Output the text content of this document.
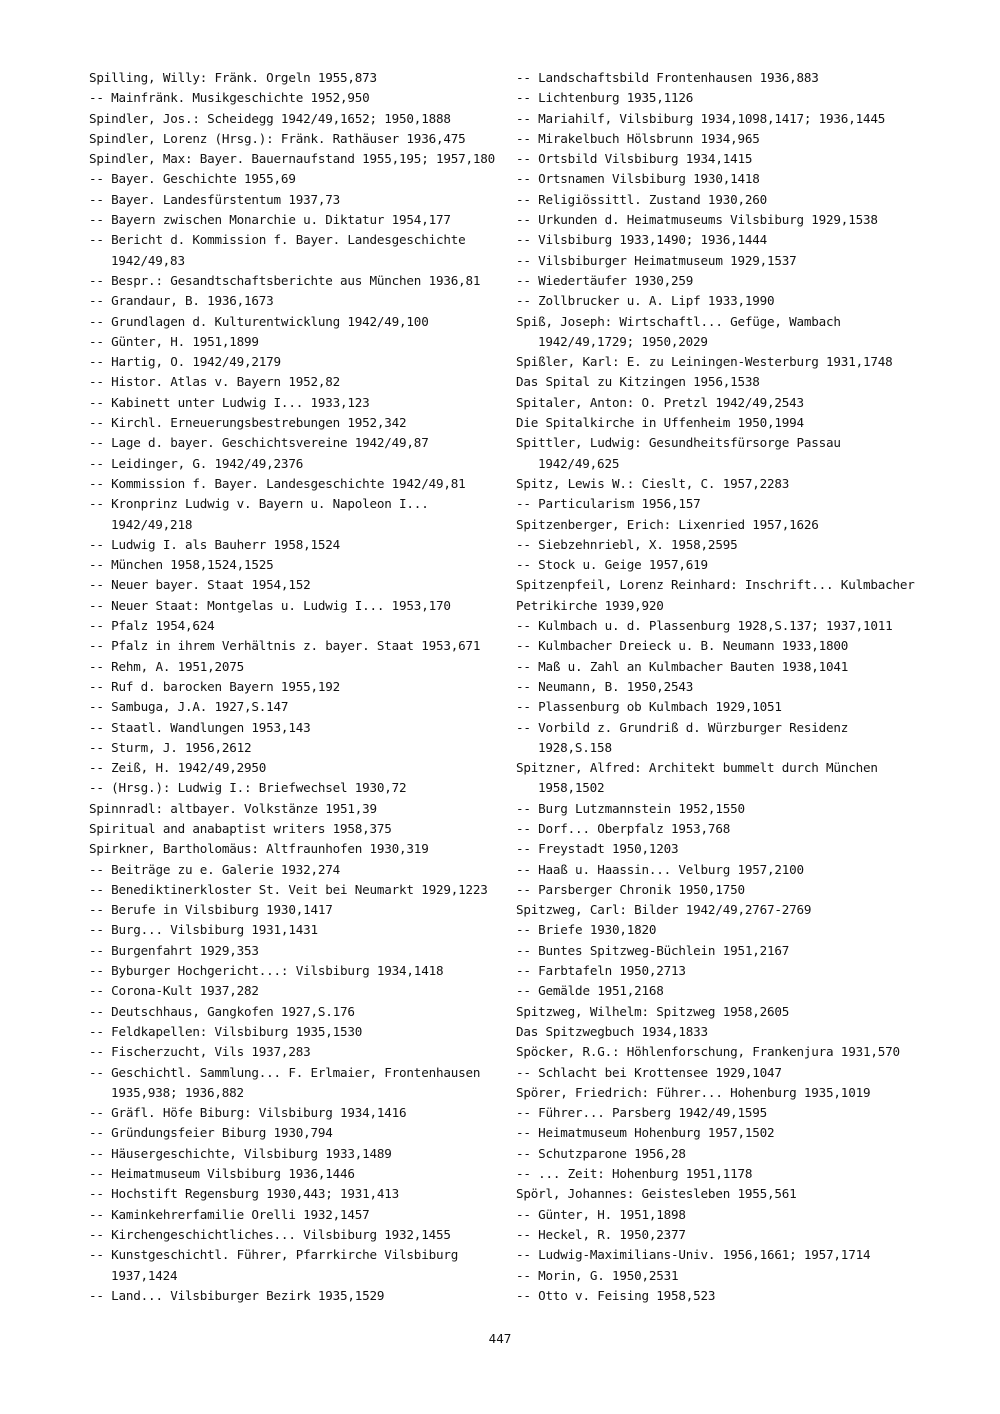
Spilling, Willy: Fränk. Orgeln 1955,873
-- Mainfränk. Musikgeschichte 1952,950
Spindler, Jos.: Scheidegg 1942/49,1652; 1950,1888
Spindler, Lorenz (Hrsg.): Fränk. Rathäuser 1936,475
Spindler, Max: Bayer. Bauernaufstand 1955,195; 1957,180
-- Bayer. Geschichte 1955,69
-- Bayer. Landesfürstentum 1937,73
-- Bayern zwischen Monarchie u. Diktatur 1954,177
-- Bericht d. Kommission f. Bayer. Landesgeschichte
1942/49,83
-- Bespr.: Gesandtschaftsberichte aus München 1936,81
-- Grandaur, B. 1936,1673
-- Grundlagen d. Kulturentwicklung 1942/49,100
-- Günter, H. 1951,1899
-- Hartig, O. 1942/49,2179
-- Histor. Atlas v. Bayern 1952,82
-- Kabinett unter Ludwig I... 1933,123
-- Kirchl. Erneuerungsbestrebungen 1952,342
-- Lage d. bayer. Geschichtsvereine 1942/49,87
-- Leidinger, G. 1942/49,2376
-- Kommission f. Bayer. Landesgeschichte 1942/49,81
-- Kronprinz Ludwig v. Bayern u. Napoleon I...
1942/49,218
-- Ludwig I. als Bauherr 1958,1524
-- München 1958,1524,1525
-- Neuer bayer. Staat 1954,152
-- Neuer Staat: Montgelas u. Ludwig I... 1953,170
-- Pfalz 1954,624
-- Pfalz in ihrem Verhältnis z. bayer. Staat 1953,671
-- Rehm, A. 1951,2075
-- Ruf d. barocken Bayern 1955,192
-- Sambuga, J.A. 1927,S.147
-- Staatl. Wandlungen 1953,143
-- Sturm, J. 1956,2612
-- Zeiß, H. 1942/49,2950
-- (Hrsg.): Ludwig I.: Briefwechsel 1930,72
Spinnradl: altbayer. Volkstänze 1951,39
Spiritual and anabaptist writers 1958,375
Spirkner, Bartholomäus: Altfraunhofen 1930,319
-- Beiträge zu e. Galerie 1932,274
-- Benediktinerkloster St. Veit bei Neumarkt 1929,1223
-- Berufe in Vilsbiburg 1930,1417
-- Burg... Vilsbiburg 1931,1431
-- Burgenfahrt 1929,353
-- Byburger Hochgericht...: Vilsbiburg 1934,1418
-- Corona-Kult 1937,282
-- Deutschhaus, Gangkofen 1927,S.176
-- Feldkapellen: Vilsbiburg 1935,1530
-- Fischerzucht, Vils 1937,283
-- Geschichtl. Sammlung... F. Erlmaier, Frontenhausen
1935,938; 1936,882
-- Gräfl. Höfe Biburg: Vilsbiburg 1934,1416
-- Gründungsfeier Biburg 1930,794
-- Häusergeschichte, Vilsbiburg 1933,1489
-- Heimatmuseum Vilsbiburg 1936,1446
-- Hochstift Regensburg 1930,443; 1931,413
-- Kaminkehrerfamilie Orelli 1932,1457
-- Kirchengeschichtliches... Vilsbiburg 1932,1455
-- Kunstgeschichtl. Führer, Pfarrkirche Vilsbiburg
1937,1424
-- Land... Vilsbiburger Bezirk 1935,1529
-- Landschaftsbild Frontenhausen 1936,883
-- Lichtenburg 1935,1126
-- Mariahilf, Vilsbiburg 1934,1098,1417; 1936,1445
-- Mirakelbuch Hölsbrunn 1934,965
-- Ortsbild Vilsbiburg 1934,1415
-- Ortsnamen Vilsbiburg 1930,1418
-- Religiössittl. Zustand 1930,260
-- Urkunden d. Heimatmuseums Vilsbiburg 1929,1538
-- Vilsbiburg 1933,1490; 1936,1444
-- Vilsbiburger Heimatmuseum 1929,1537
-- Wiedertäufer 1930,259
-- Zollbrucker u. A. Lipf 1933,1990
Spiß, Joseph: Wirtschaftl... Gefüge, Wambach
1942/49,1729; 1950,2029
Spißler, Karl: E. zu Leiningen-Westerburg 1931,1748
Das Spital zu Kitzingen 1956,1538
Spitaler, Anton: O. Pretzl 1942/49,2543
Die Spitalkirche in Uffenheim 1950,1994
Spittler, Ludwig: Gesundheitsfürsorge Passau
1942/49,625
Spitz, Lewis W.: Cieslt, C. 1957,2283
-- Particularism 1956,157
Spitzenberger, Erich: Lixenried 1957,1626
-- Siebzehnriebl, X. 1958,2595
-- Stock u. Geige 1957,619
Spitzenpfeil, Lorenz Reinhard: Inschrift... Kulmbacher
Petrikirche 1939,920
-- Kulmbach u. d. Plassenburg 1928,S.137; 1937,1011
-- Kulmbacher Dreieck u. B. Neumann 1933,1800
-- Maß u. Zahl an Kulmbacher Bauten 1938,1041
-- Neumann, B. 1950,2543
-- Plassenburg ob Kulmbach 1929,1051
-- Vorbild z. Grundriß d. Würzburger Residenz
1928,S.158
Spitzner, Alfred: Architekt bummelt durch München
1958,1502
-- Burg Lutzmannstein 1952,1550
-- Dorf... Oberpfalz 1953,768
-- Freystadt 1950,1203
-- Haaß u. Haassin... Velburg 1957,2100
-- Parsberger Chronik 1950,1750
Spitzweg, Carl: Bilder 1942/49,2767-2769
-- Briefe 1930,1820
-- Buntes Spitzweg-Büchlein 1951,2167
-- Farbtafeln 1950,2713
-- Gemälde 1951,2168
Spitzweg, Wilhelm: Spitzweg 1958,2605
Das Spitzwegbuch 1934,1833
Spöcker, R.G.: Höhlenforschung, Frankenjura 1931,570
-- Schlacht bei Krottensee 1929,1047
Spörer, Friedrich: Führer... Hohenburg 1935,1019
-- Führer... Parsberg 1942/49,1595
-- Heimatmuseum Hohenburg 1957,1502
-- Schutzparone 1956,28
-- ... Zeit: Hohenburg 1951,1178
Spörl, Johannes: Geistesleben 1955,561
-- Günter, H. 1951,1898
-- Heckel, R. 1950,2377
-- Ludwig-Maximilians-Univ. 1956,1661; 1957,1714
-- Morin, G. 1950,2531
-- Otto v. Feising 1958,523
447
